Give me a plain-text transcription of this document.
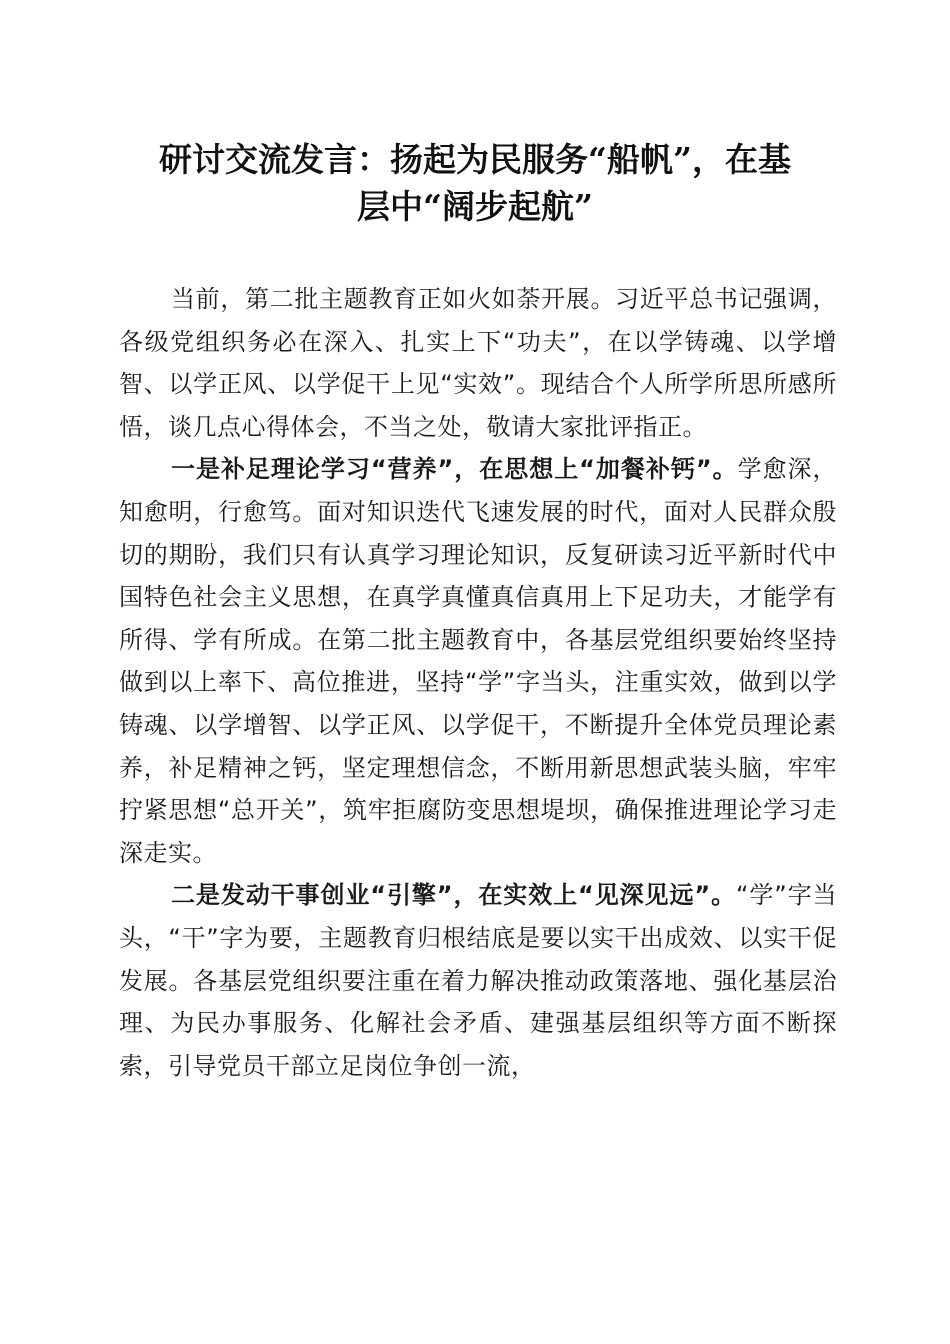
研讨交流发言：扬起为民服务“船帆”，在基
层中“阔步起航”

当前，第二批主题教育正如火如荼开展。习近平总书记强调，各级党组织务必在深入、扎实上下“功夫”，在以学铸魂、以学增智、以学正风、以学促干上见“实效”。现结合个人所学所思所感所悟，谈几点心得体会，不当之处，敬请大家批评指正。

一是补足理论学习“营养”，在思想上“加餐补钙”。学愈深，知愈明，行愈笃。面对知识迭代飞速发展的时代，面对人民群众殷切的期盼，我们只有认真学习理论知识，反复研读习近平新时代中国特色社会主义思想，在真学真懂真信真用上下足功夫，才能学有所得、学有所成。在第二批主题教育中，各基层党组织要始终坚持做到以上率下、高位推进，坚持“学”字当头，注重实效，做到以学铸魂、以学增智、以学正风、以学促干，不断提升全体党员理论素养，补足精神之钙，坚定理想信念，不断用新思想武装头脑，牢牢拧紧思想“总开关”，筑牢拒腐防变思想堤坝，确保推进理论学习走深走实。

二是发动干事创业“引擎”，在实效上“见深见远”。“学”字当头，“干”字为要，主题教育归根结底是要以实干出成效、以实干促发展。各基层党组织要注重在着力解决推动政策落地、强化基层治理、为民办事服务、化解社会矛盾、建强基层组织等方面不断探索，引导党员干部立足岗位争创一流，
